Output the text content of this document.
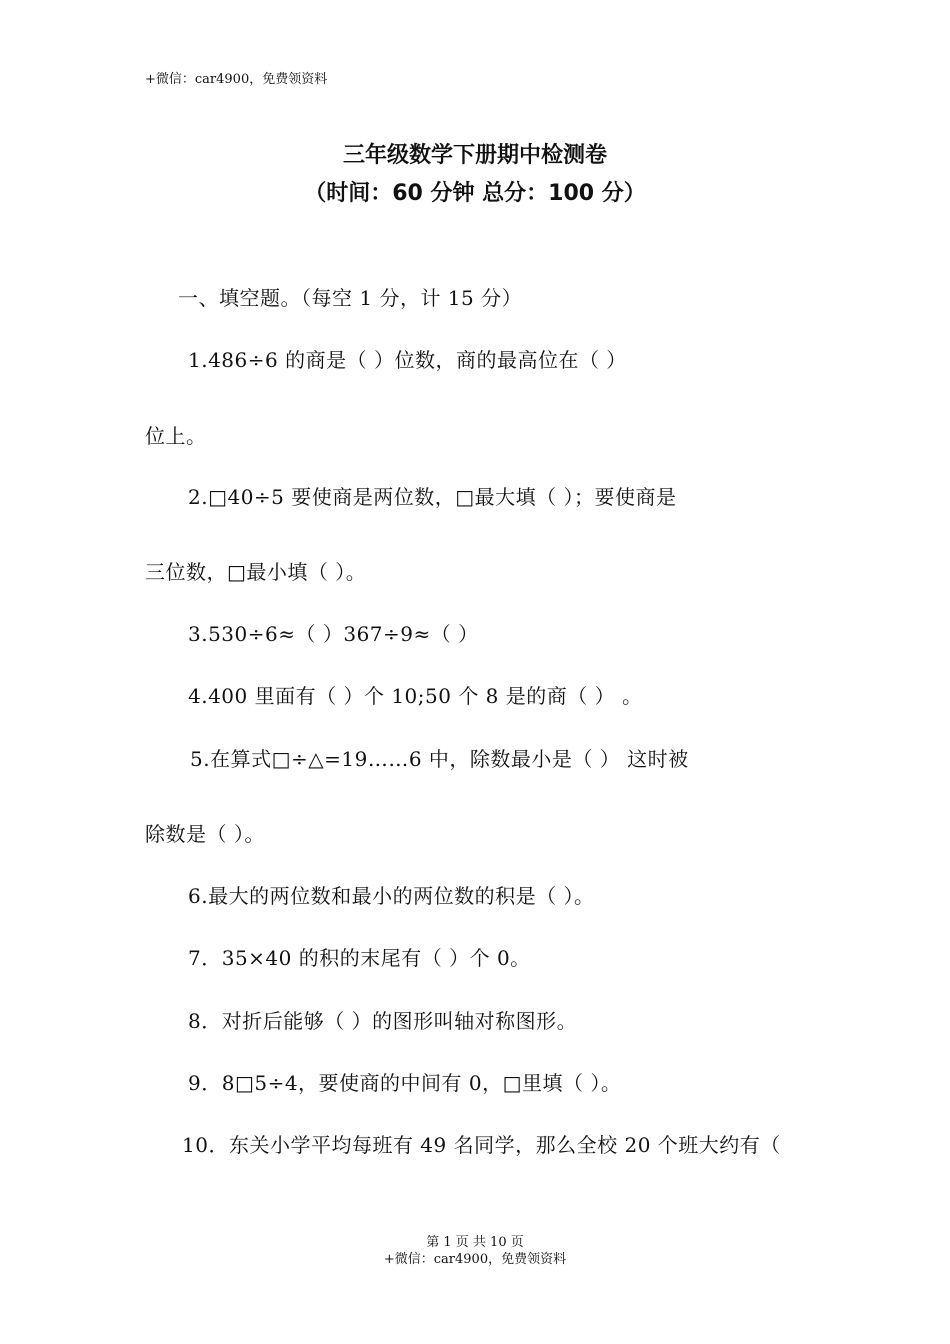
+微信：car4900，免费领资料
三年级数学下册期中检测卷
（时间：60 分钟 总分：100 分）
一、填空题。（每空 1 分，计 15 分）
1.486÷6 的商是（ ）位数，商的最高位在（ ）
位上。
2.□40÷5 要使商是两位数，□最大填（ ）；要使商是
三位数，□最小填（ ）。
3.530÷6≈（ ）367÷9≈（ ）
4.400 里面有（ ）个 10;50 个 8 是的商（ ） 。
5.在算式□÷△=19……6 中，除数最小是（ ） 这时被
除数是（ ）。
6.最大的两位数和最小的两位数的积是（ ）。
7．35×40 的积的末尾有（ ）个 0。
8．对折后能够（ ）的图形叫轴对称图形。
9．8□5÷4，要使商的中间有 0，□里填（ ）。
10．东关小学平均每班有 49 名同学，那么全校 20 个班大约有（
第 1 页 共 10 页
+微信：car4900，免费领资料
